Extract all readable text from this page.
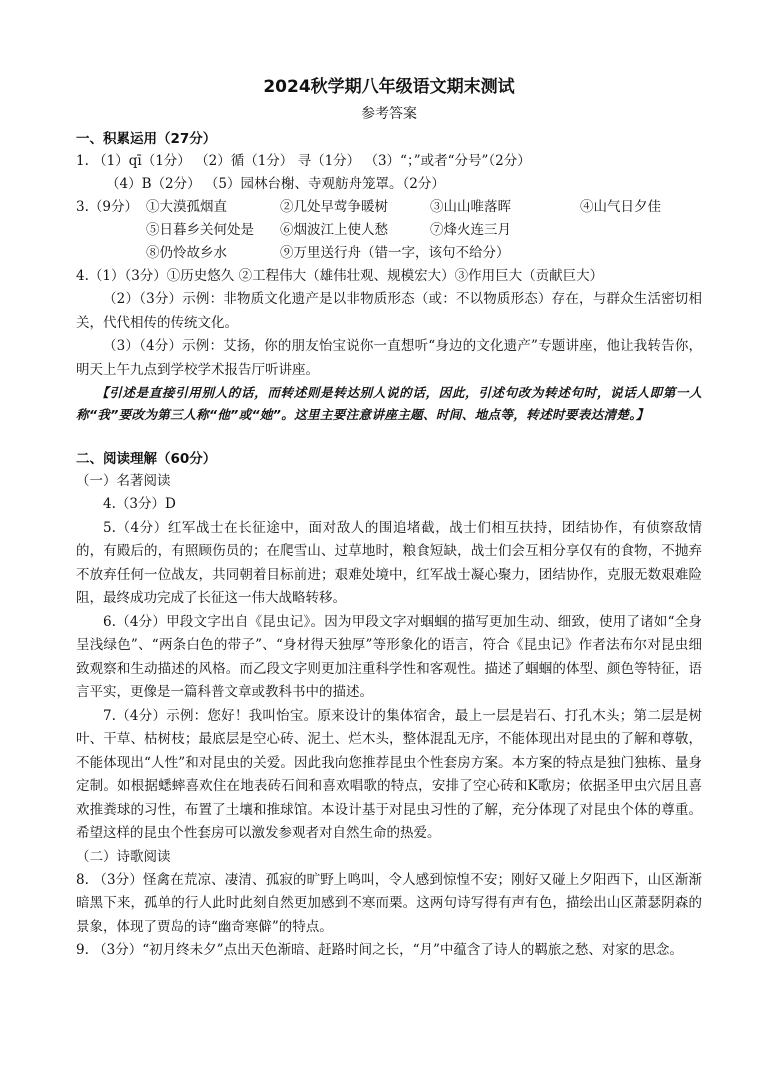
2024秋学期八年级语文期末测试
参考答案
一、积累运用（27分）
1. （1）qī（1分） （2）循（1分） 寻（1分） （3）“；”或者“分号”（2分）
（4）B（2分） （5）园林台榭、寺观舫舟笼罩。（2分）
3.（9分） ①大漠孤烟直	②几处早莺争暖树	③山山唯落晖	④山气日夕佳
⑤日暮乡关何处是	⑥烟波江上使人愁	⑦烽火连三月
⑧仍怜故乡水	⑨万里送行舟（错一字，该句不给分）
4.（1）（3分）①历史悠久 ②工程伟大（雄伟壮观、规模宏大）③作用巨大（贡献巨大）
（2）（3分）示例：非物质文化遗产是以非物质形态（或：不以物质形态）存在，与群众生活密切相关，代代相传的传统文化。
（3）（4分）示例：艾扬，你的朋友怡宝说你一直想听“身边的文化遗产”专题讲座，他让我转告你，明天上午九点到学校学术报告厅听讲座。
【引述是直接引用别人的话，而转述则是转达别人说的话，因此，引述句改为转述句时，说话人即第一人称“我”要改为第三人称“他”或“她”。这里主要注意讲座主题、时间、地点等，转述时要表达清楚。】
二、阅读理解（60分）
（一）名著阅读
4.（3分）D
5.（4分）红军战士在长征途中，面对敌人的围追堵截，战士们相互扶持，团结协作，有侦察敌情的，有殿后的，有照顾伤员的；在爬雪山、过草地时，粮食短缺，战士们会互相分享仅有的食物，不抛弃不放弃任何一位战友，共同朝着目标前进；艰难处境中，红军战士凝心聚力，团结协作，克服无数艰难险阻，最终成功完成了长征这一伟大战略转移。
6.（4分）甲段文字出自《昆虫记》。因为甲段文字对蝈蝈的描写更加生动、细致，使用了诸如“全身呈浅绿色”、“两条白色的带子”、“身材得天独厚”等形象化的语言，符合《昆虫记》作者法布尔对昆虫细致观察和生动描述的风格。而乙段文字则更加注重科学性和客观性。描述了蝈蝈的体型、颜色等特征，语言平实，更像是一篇科普文章或教科书中的描述。
7.（4分）示例：您好！我叫怡宝。原来设计的集体宿舍，最上一层是岩石、打孔木头；第二层是树叶、干草、枯树枝；最底层是空心砖、泥土、烂木头，整体混乱无序，不能体现出对昆虫的了解和尊敬，不能体现出“人性”和对昆虫的关爱。因此我向您推荐昆虫个性套房方案。本方案的特点是独门独栋、量身定制。如根据蟋蟀喜欢住在地表砖石间和喜欢唱歌的特点，安排了空心砖和K歌房；依据圣甲虫穴居且喜欢推粪球的习性，布置了土壤和推球馆。本设计基于对昆虫习性的了解，充分体现了对昆虫个体的尊重。希望这样的昆虫个性套房可以激发参观者对自然生命的热爱。
（二）诗歌阅读
8. （3分）怪禽在荒凉、凄清、孤寂的旷野上鸣叫，令人感到惊惶不安；刚好又碰上夕阳西下，山区渐渐暗黑下来，孤单的行人此时此刻自然更加感到不寒而栗。这两句诗写得有声有色，描绘出山区萧瑟阴森的景象，体现了贾岛的诗“幽奇寒僻”的特点。
9. （3分）“初月终未夕”点出天色渐暗、赶路时间之长，“月”中蕴含了诗人的羁旅之愁、对家的思念。
